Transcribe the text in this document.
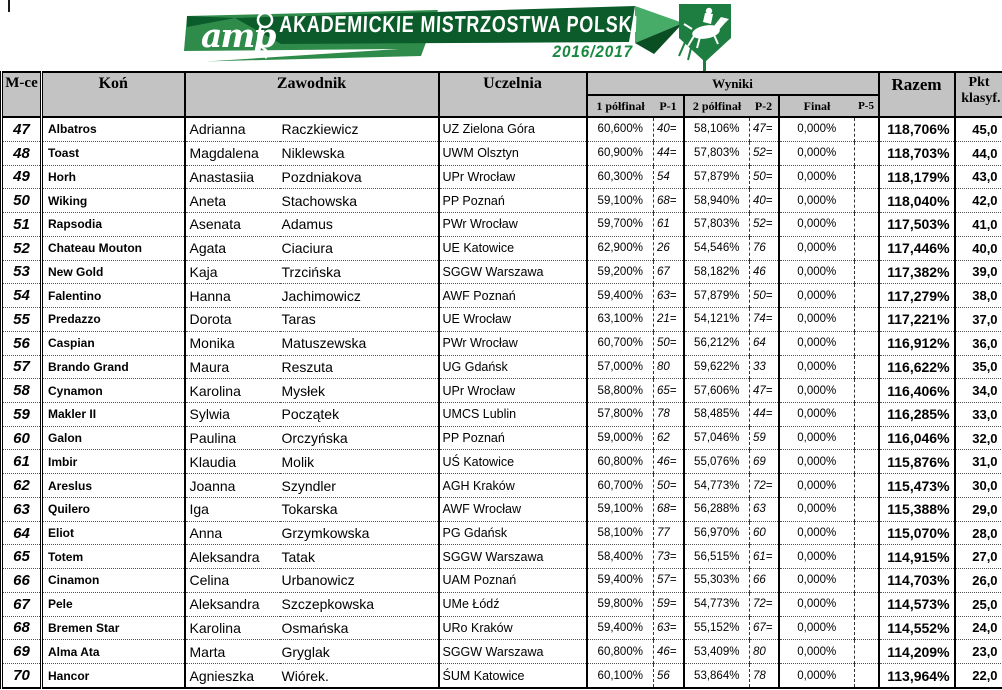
amp AKADEMICKIE MISTRZOSTWA POLSKI
2016/2017
M-ce	Koń	Zawodnik		Uczelnia	Wyniki						Razem	Pkt
klasyf.

					1 półfinał	P-1	2 półfinał	P-2	Finał	P-5		
47	Albatros	Adrianna	Raczkiewicz	UZ Zielona Góra	60,600%	40=	58,106%	47=	0,000%		118,706%	45,0
48	Toast	Magdalena	Niklewska	UWM Olsztyn	60,900%	44=	57,803%	52=	0,000%		118,703%	44,0
49	Horh	Anastasiia	Pozdniakova	UPr Wrocław	60,300%	54	57,879%	50=	0,000%		118,179%	43,0
50	Wiking	Aneta	Stachowska	PP Poznań	59,100%	68=	58,940%	40=	0,000%		118,040%	42,0
51	Rapsodia	Asenata	Adamus	PWr Wrocław	59,700%	61	57,803%	52=	0,000%		117,503%	41,0
52	Chateau Mouton	Agata	Ciaciura	UE Katowice	62,900%	26	54,546%	76	0,000%		117,446%	40,0
53	New Gold	Kaja	Trzcińska	SGGW Warszawa	59,200%	67	58,182%	46	0,000%		117,382%	39,0
54	Falentino	Hanna	Jachimowicz	AWF Poznań	59,400%	63=	57,879%	50=	0,000%		117,279%	38,0
55	Predazzo	Dorota	Taras	UE Wrocław	63,100%	21=	54,121%	74=	0,000%		117,221%	37,0
56	Caspian	Monika	Matuszewska	PWr Wrocław	60,700%	50=	56,212%	64	0,000%		116,912%	36,0
57	Brando Grand	Maura	Reszuta	UG Gdańsk	57,000%	80	59,622%	33	0,000%		116,622%	35,0
58	Cynamon	Karolina	Mysłek	UPr Wrocław	58,800%	65=	57,606%	47=	0,000%		116,406%	34,0
59	Makler II	Sylwia	Początek	UMCS Lublin	57,800%	78	58,485%	44=	0,000%		116,285%	33,0
60	Galon	Paulina	Orczyńska	PP Poznań	59,000%	62	57,046%	59	0,000%		116,046%	32,0
61	Imbir	Klaudia	Molik	UŚ Katowice	60,800%	46=	55,076%	69	0,000%		115,876%	31,0
62	Areslus	Joanna	Szyndler	AGH Kraków	60,700%	50=	54,773%	72=	0,000%		115,473%	30,0
63	Quilero	Iga	Tokarska	AWF Wrocław	59,100%	68=	56,288%	63	0,000%		115,388%	29,0
64	Eliot	Anna	Grzymkowska	PG Gdańsk	58,100%	77	56,970%	60	0,000%		115,070%	28,0
65	Totem	Aleksandra	Tatak	SGGW Warszawa	58,400%	73=	56,515%	61=	0,000%		114,915%	27,0
66	Cinamon	Celina	Urbanowicz	UAM Poznań	59,400%	57=	55,303%	66	0,000%		114,703%	26,0
67	Pele	Aleksandra	Szczepkowska	UMe Łódź	59,800%	59=	54,773%	72=	0,000%		114,573%	25,0
68	Bremen Star	Karolina	Osmańska	URo Kraków	59,400%	63=	55,152%	67=	0,000%		114,552%	24,0
69	Alma Ata	Marta	Gryglak	SGGW Warszawa	60,800%	46=	53,409%	80	0,000%		114,209%	23,0
70	Hancor	Agnieszka	Wiórek.	ŚUM Katowice	60,100%	56	53,864%	78	0,000%		113,964%	22,0
